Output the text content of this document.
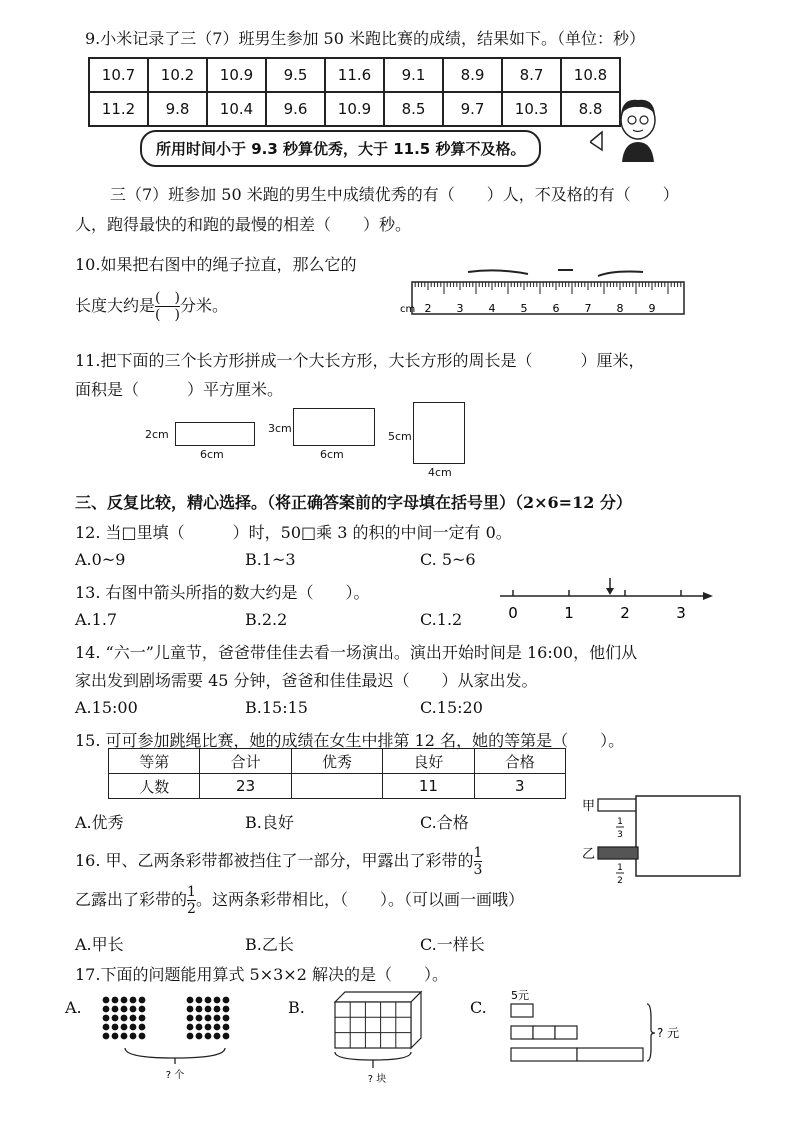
9.小米记录了三（7）班男生参加 50 米跑比赛的成绩，结果如下。（单位：秒）
10.7	10.2	10.9	9.5	11.6	9.1	8.9	8.7	10.8
11.2	9.8	10.4	9.6	10.9	8.5	9.7	10.3	8.8
所用时间小于 9.3 秒算优秀，大于 11.5 秒算不及格。
三（7）班参加 50 米跑的男生中成绩优秀的有（　　）人，不及格的有（　　）
人，跑得最快的和跑的最慢的相差（　　）秒。
10.如果把右图中的绳子拉直，那么它的
长度大约是 $\frac{( )}{( )}$ 分米。	cm 2 3 4 5 6 7 8 9
11.把下面的三个长方形拼成一个大长方形，大长方形的周长是（　　　）厘米，
面积是（　　　）平方厘米。
2cm
6cm
3cm
6cm
5cm
4cm
三、反复比较，精心选择。（将正确答案前的字母填在括号里）（2×6=12 分）
12. 当□里填（　　　）时，50□乘 3 的积的中间一定有 0。
A.0~9	B.1~3	C. 5~6
13. 右图中箭头所指的数大约是（　　）。
A.1.7	B.2.2	C.1.2	0	1	2	3
14. “六一”儿童节，爸爸带佳佳去看一场演出。演出开始时间是 16:00，他们从
家出发到剧场需要 45 分钟，爸爸和佳佳最迟（　　）从家出发。
A.15:00	B.15:15	C.15:20
15. 可可参加跳绳比赛，她的成绩在女生中排第 12 名，她的等第是（　　）。
等第	合计	优秀	良好	合格
人数	23		11	3
A.优秀	B.良好	C.合格
16. 甲、乙两条彩带都被挡住了一部分，甲露出了彩带的 $\frac{1}{3}$
乙露出了彩带的 $\frac{1}{2}$ 。这两条彩带相比，（　　）。（可以画一画哦）
A.甲长	B.乙长	C.一样长
甲
1
3
乙
1
2
17.下面的问题能用算式 5×3×2 解决的是（　　）。
A.	B.	C.
? 个	? 块
5元
? 元
